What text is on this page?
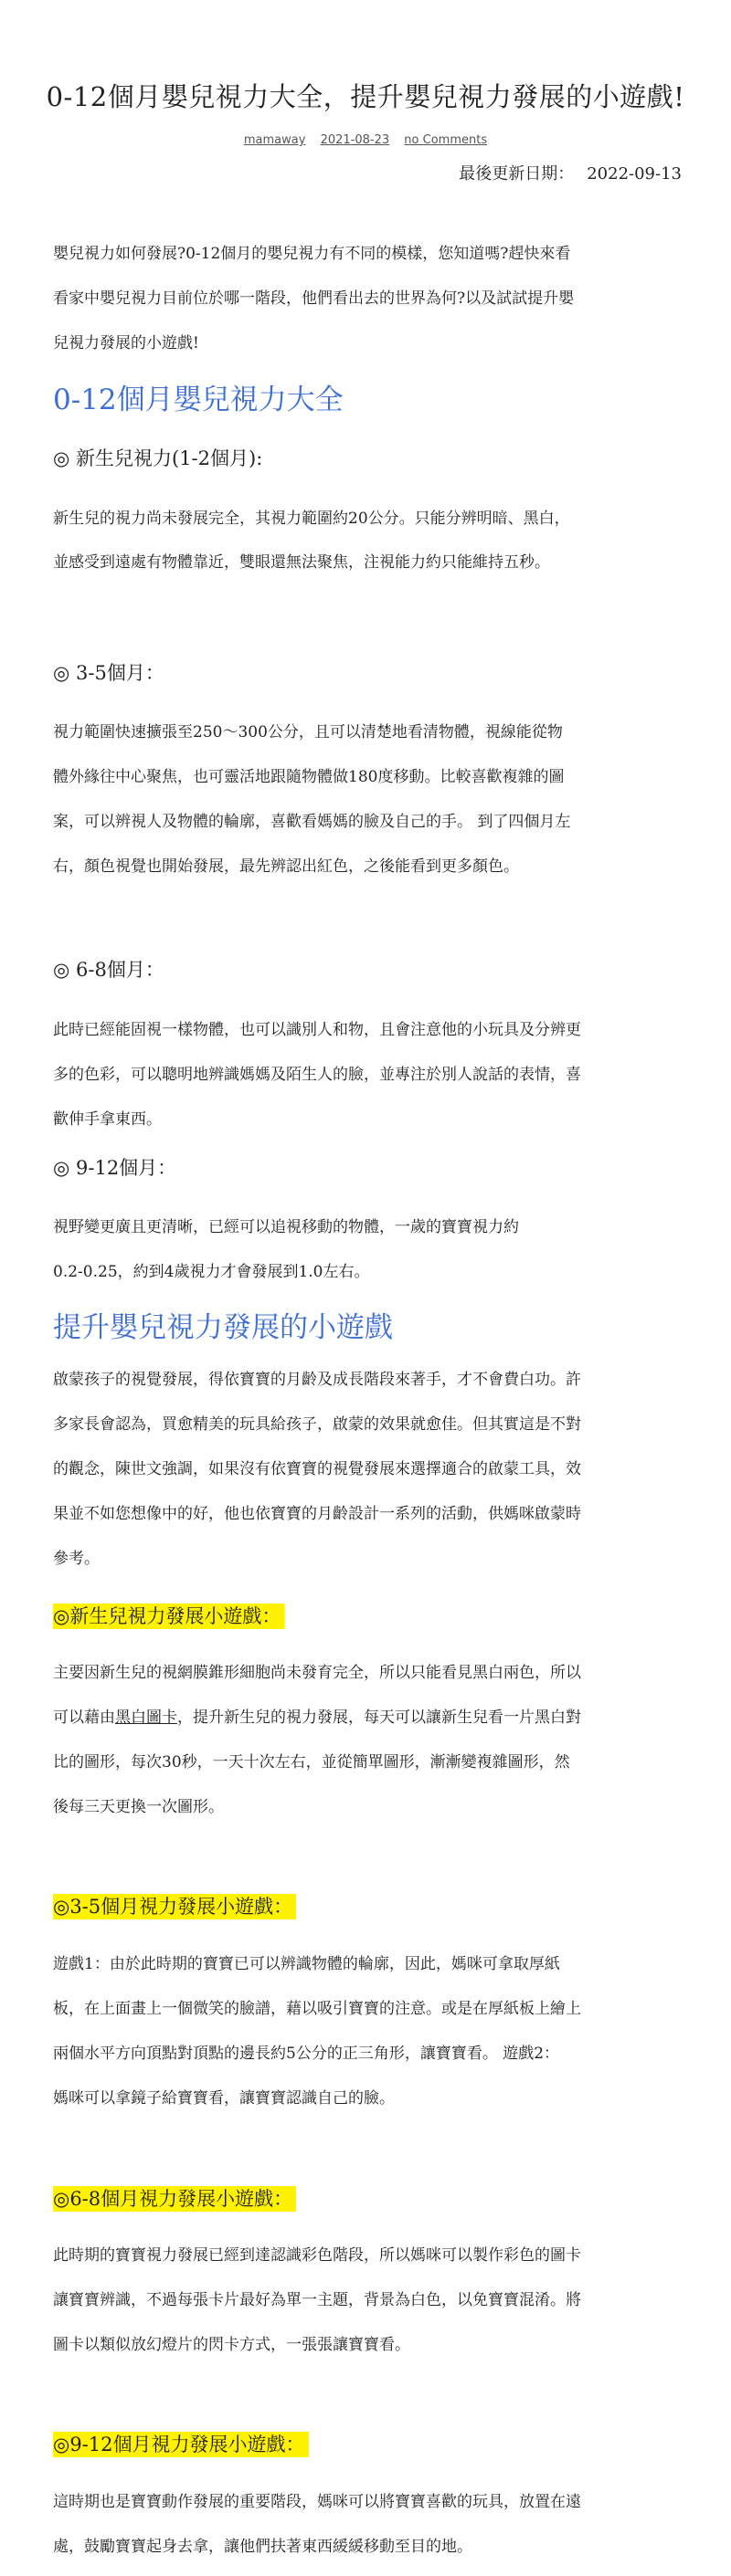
0-12個月嬰兒視力大全，提升嬰兒視力發展的小遊戲!
mamaway 2021-08-23 no Comments
最後更新日期： 2022-09-13

嬰兒視力如何發展?0-12個月的嬰兒視力有不同的模樣，您知道嗎?趕快來看

看家中嬰兒視力目前位於哪一階段，他們看出去的世界為何?以及試試提升嬰

兒視力發展的小遊戲!

0-12個月嬰兒視力大全
◎ 新生兒視力(1-2個月):

新生兒的視力尚未發展完全，其視力範圍約20公分。只能分辨明暗、黑白，

並感受到遠處有物體靠近，雙眼還無法聚焦，注視能力約只能維持五秒。

◎ 3-5個月：

視力範圍快速擴張至250～300公分，且可以清楚地看清物體，視線能從物

體外緣往中心聚焦，也可靈活地跟隨物體做180度移動。比較喜歡複雜的圖

案，可以辨視人及物體的輪廓，喜歡看媽媽的臉及自己的手。 到了四個月左

右，顏色視覺也開始發展，最先辨認出紅色，之後能看到更多顏色。

◎ 6-8個月：

此時已經能固視一樣物體，也可以識別人和物，且會注意他的小玩具及分辨更

多的色彩，可以聰明地辨識媽媽及陌生人的臉，並專注於別人說話的表情，喜

歡伸手拿東西。

◎ 9-12個月：

視野變更廣且更清晰，已經可以追視移動的物體，一歲的寶寶視力約

0.2-0.25，約到4歲視力才會發展到1.0左右。

提升嬰兒視力發展的小遊戲

啟蒙孩子的視覺發展，得依寶寶的月齡及成長階段來著手，才不會費白功。許

多家長會認為，買愈精美的玩具給孩子，啟蒙的效果就愈佳。但其實這是不對

的觀念，陳世文強調，如果沒有依寶寶的視覺發展來選擇適合的啟蒙工具，效

果並不如您想像中的好，他也依寶寶的月齡設計一系列的活動，供媽咪啟蒙時

參考。

◎新生兒視力發展小遊戲：

主要因新生兒的視網膜錐形細胞尚未發育完全，所以只能看見黑白兩色，所以

可以藉由黑白圖卡，提升新生兒的視力發展，每天可以讓新生兒看一片黑白對

比的圖形，每次30秒，一天十次左右，並從簡單圖形，漸漸變複雜圖形，然

後每三天更換一次圖形。

◎3-5個月視力發展小遊戲：

遊戲1：由於此時期的寶寶已可以辨識物體的輪廓，因此，媽咪可拿取厚紙

板，在上面畫上一個微笑的臉譜，藉以吸引寶寶的注意。或是在厚紙板上繪上

兩個水平方向頂點對頂點的邊長約5公分的正三角形，讓寶寶看。 遊戲2：

媽咪可以拿鏡子給寶寶看，讓寶寶認識自己的臉。

◎6-8個月視力發展小遊戲：

此時期的寶寶視力發展已經到達認識彩色階段，所以媽咪可以製作彩色的圖卡

讓寶寶辨識，不過每張卡片最好為單一主題，背景為白色，以免寶寶混淆。將

圖卡以類似放幻燈片的閃卡方式，一張張讓寶寶看。

◎9-12個月視力發展小遊戲：

這時期也是寶寶動作發展的重要階段，媽咪可以將寶寶喜歡的玩具，放置在遠

處，鼓勵寶寶起身去拿，讓他們扶著東西緩緩移動至目的地。
